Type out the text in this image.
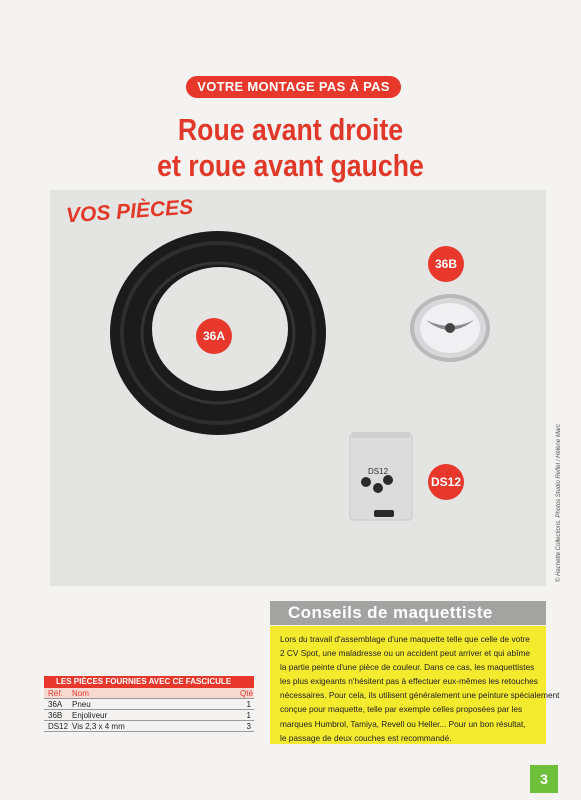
VOTRE MONTAGE PAS À PAS
Roue avant droite
et roue avant gauche
VOS PIÈCES
36A
36B
DS12
DS12	© Hachette Collections. Photos Studio Reflet / Hélène Marc
Conseils de maquettiste
Lors du travail d'assemblage d'une maquette telle que celle de votre
2 CV Spot, une maladresse ou un accident peut arriver et qui abîme
la partie peinte d'une pièce de couleur. Dans ce cas, les maquettistes
les plus exigeants n'hésitent pas à effectuer eux-mêmes les retouches
nécessaires. Pour cela, ils utilisent généralement une peinture spécialement
conçue pour maquette, telle par exemple celles proposées par les
marques Humbrol, Tamiya, Revell ou Heller... Pour un bon résultat,
le passage de deux couches est recommandé.
LES PIÈCES FOURNIES AVEC CE FASCICULE
Réf.	Nom	Qté
36A	Pneu	1
36B	Enjoliveur	1
DS12 Vis 2,3 x 4 mm	3
3
